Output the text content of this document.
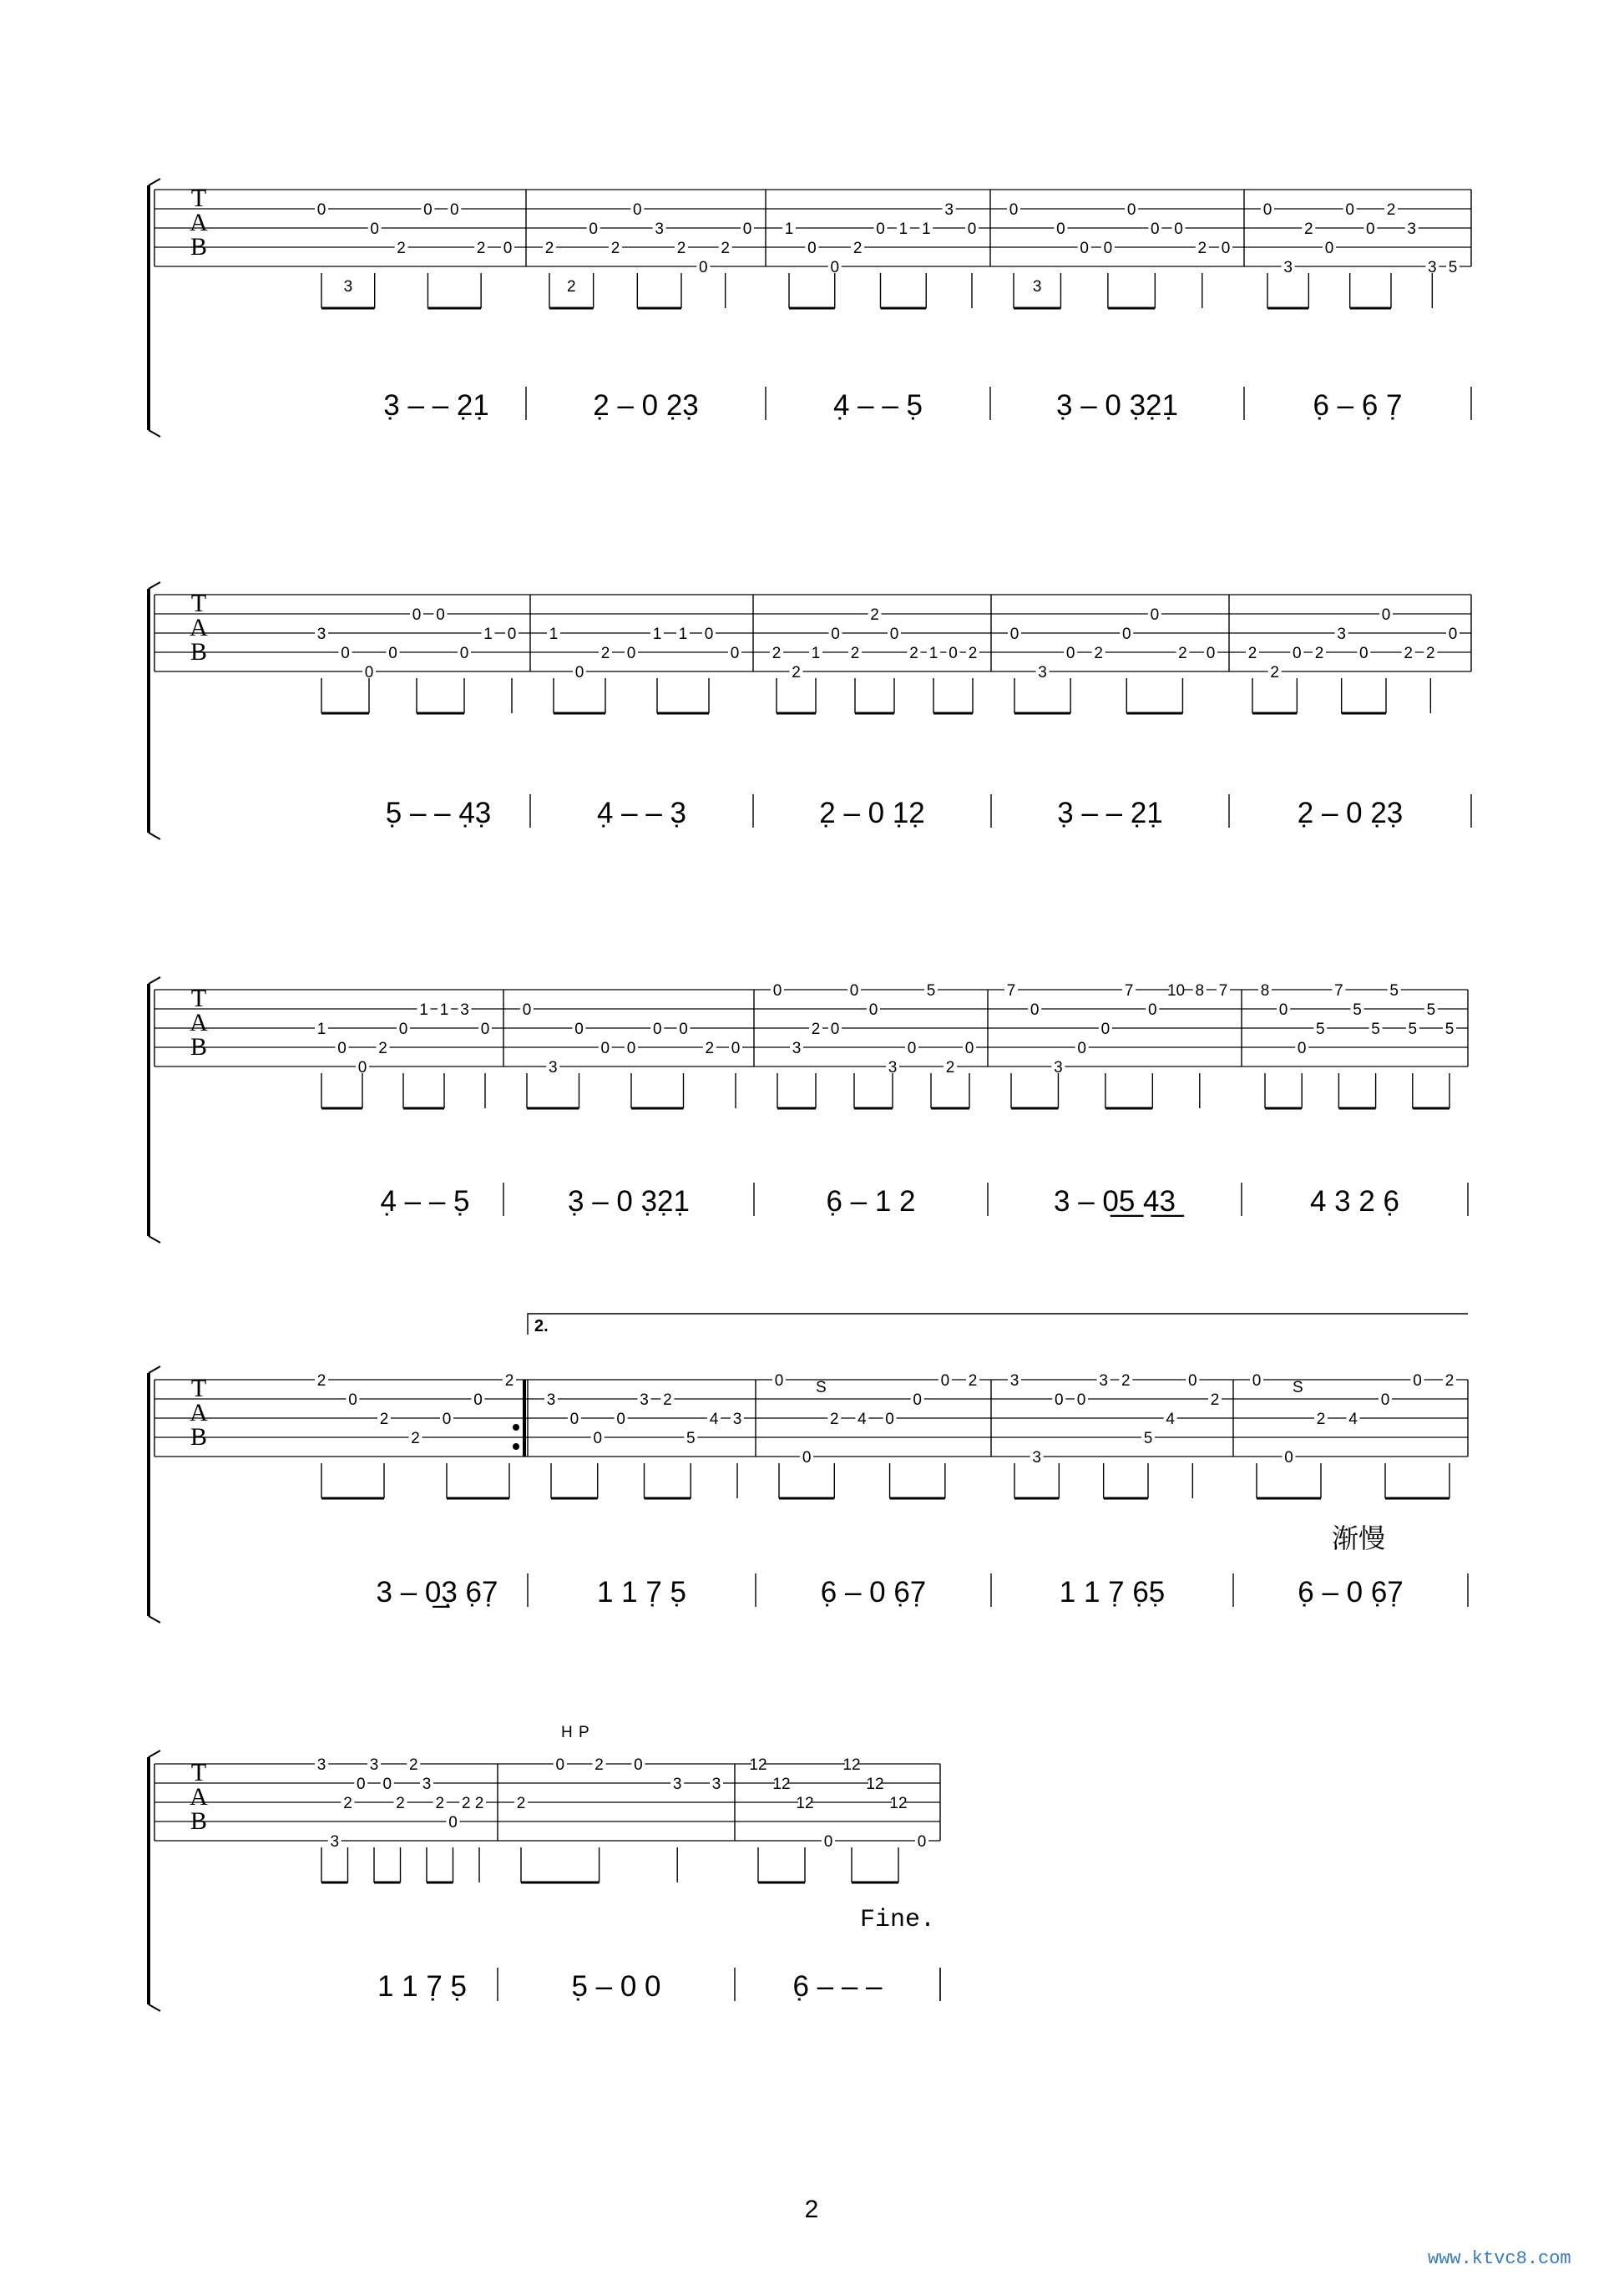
T
A
B
0
3
0
2
0 0
2 0
3̣ – – 2̣1̣
2
2
0
2
0
3
2
0
2
0
2̣ – 0 2̣3̣
1
0
0
2
0 1 1
3
0
4̣ – – 5̣
0
3
0
0 0
0
0 0
2 0
3̣ – 0 3̣2̣1̣
0
3
2
0
0
0
2
3
3 5
6̣ – 6̣ 7̣
T
A
B
3
0
0
0
0 0
0
1 0
5̣ – – 4̣3̣
1
0
2 0
1 1 0
0
4̣ – – 3̣
2
2
1
0
2
2
0
2 1 0 2
2̣ – 0 1̣2̣
0
3
0 2
0
0
2 0
3̣ – – 2̣1̣
2
2
0 2
3
0
0
2 2
0
2̣ – 0 2̣3̣
T
A
B
1
0
0
2
0
1 1 3
0
4̣ – – 5̣
0
3
0
0 0
0 0
2 0
3̣ – 0 3̣2̣1̣
0
3
2 0
0
0
3
0
5
2
0
6̣ – 1 2
7
0
3
0
0
7
0
10 8 7
3 – 0̲5̲ 4̲3̲
8
0
0
5
7
5
5
5
5
5
5
4 3 2 6̣
T
A
B
2
0
2
2
0
0
2
3 – 0̲3̣ 6̣7̣
3
0
0
0
3 2
5
4 3
1 1 7̣ 5̣
0
0
2 4 0
0
0 2
6̣ – 0 6̣7̣
3
3
0 0
3 2
5
4
0
2
1 1 7̣ 6̣5̣
0
0
2 4
0
0 2
6̣ – 0 6̣7̣
T
A
B
3
3
2
0
3
0
2
2
3
2
0
2 2
1 1 7̣ 5̣
2
0 2 0
3 3
5̣ – 0 0
12
12
12
0
12
12
12
0
6̣ – – –
2.
渐慢
Fine.
S	S
H P
2
www.ktvc8.com
